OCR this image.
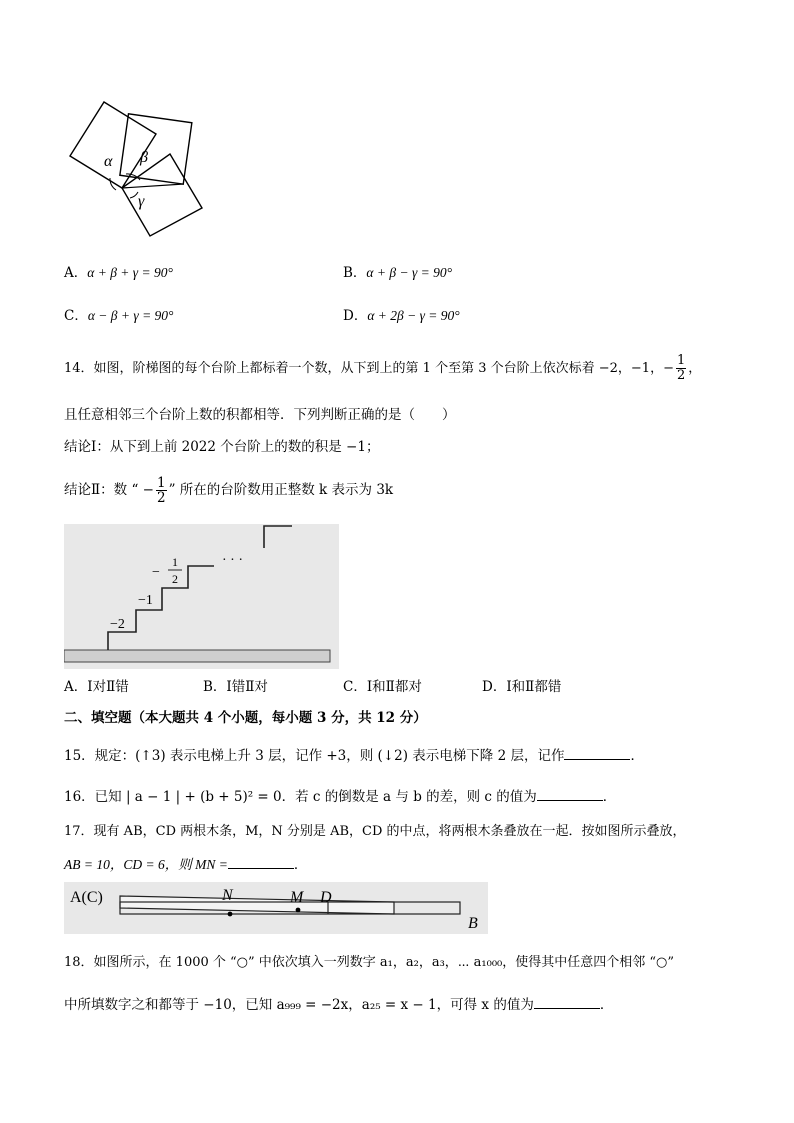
α β
γ
A．α + β + γ = 90°	B．α + β − γ = 90°
C．α − β + γ = 90°	D．α + 2β − γ = 90°
14．如图，阶梯图的每个台阶上都标着一个数，从下到上的第 1 个至第 3 个台阶上依次标着 −2，−1，− $\frac{1}{2}$ ，
且任意相邻三个台阶上数的积都相等．下列判断正确的是（　　）
结论Ⅰ：从下到上前 2022 个台阶上的数的积是 −1；
结论Ⅱ：数 “ − $\frac{1}{2}$ ” 所在的台阶数用正整数 k 表示为 3k
−2
−1
−
1
2
· · ·
A．Ⅰ对Ⅱ错	B．Ⅰ错Ⅱ对	C．Ⅰ和Ⅱ都对	D．Ⅰ和Ⅱ都错
二、填空题（本大题共 4 个小题，每小题 3 分，共 12 分）
15．规定：(↑3) 表示电梯上升 3 层，记作 +3，则 (↓2) 表示电梯下降 2 层，记作	．
16．已知 | a − 1 | + (b + 5)² = 0．若 c 的倒数是 a 与 b 的差，则 c 的值为	．
17．现有 AB，CD 两根木条，M，N 分别是 AB，CD 的中点，将两根木条叠放在一起．按如图所示叠放，
AB = 10，CD = 6，则 MN =	．
A(C)	N	M D
B
18．如图所示，在 1000 个 “○” 中依次填入一列数字 a₁，a₂，a₃，⋯ a₁₀₀₀，使得其中任意四个相邻 “○”
中所填数字之和都等于 −10，已知 a₉₉₉ = −2x，a₂₅ = x − 1，可得 x 的值为	．
